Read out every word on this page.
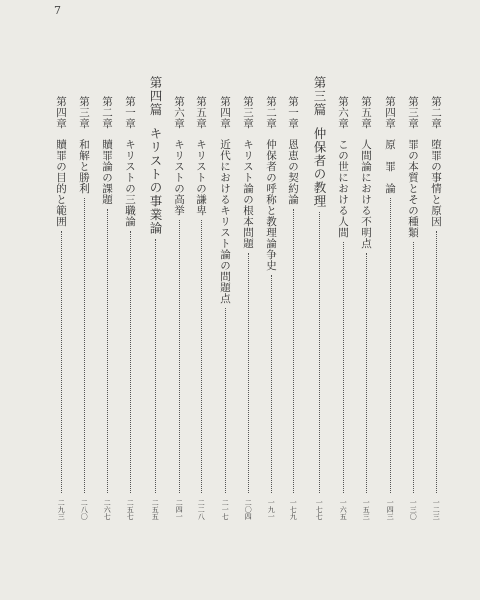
7
第二章
堕罪の事情と原因
一二三
第三章
罪の本質とその種類
一三〇
第四章
原　罪　論
一四三
第五章
人間論における不明点
一五三
第六章
この世における人間
一六五
第三篇
仲保者の教理
一七七
第一章
恩恵の契約論
一七九
第二章
仲保者の呼称と教理論争史
一九一
第三章
キリスト論の根本問題
二〇四
第四章
近代におけるキリスト論の問題点
二一七
第五章
キリストの謙卑
二二八
第六章
キリストの高挙
二四一
第四篇
キリストの事業論
二五五
第一章
キリストの三職論
二五七
第二章
贖罪論の課題
二六七
第三章
和解と勝利
二八〇
第四章
贖罪の目的と範囲
二九三
